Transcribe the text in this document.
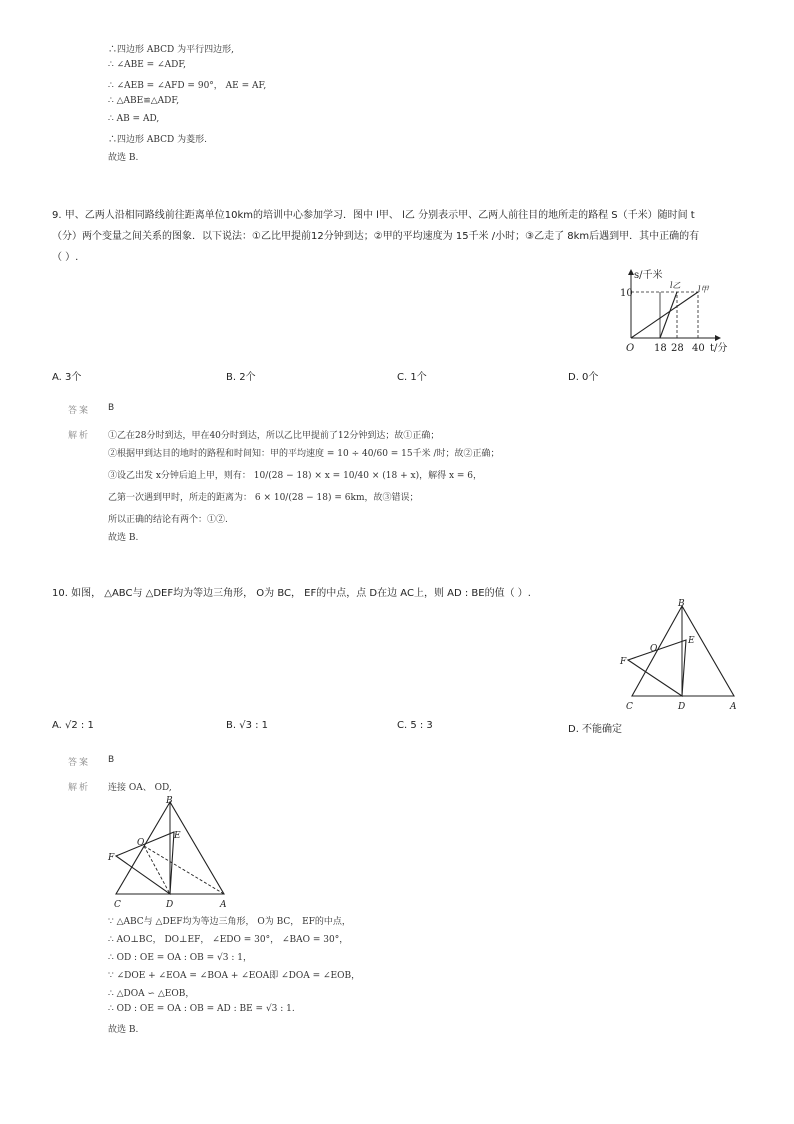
∴四边形 ABCD 为平行四边形,
∴ ∠ABE = ∠ADF,
∴ ∠AEB = ∠AFD = 90°， AE = AF,
∴ △ABE≌△ADF,
∴ AB = AD,
∴四边形 ABCD 为菱形.
故选 B.
9. 甲、乙两人沿相同路线前往距离单位10km的培训中心参加学习．图中 l甲、 l乙 分别表示甲、乙两人前往目的地所走的路程 S（千米）随时间 t
（分）两个变量之间关系的图象．以下说法：①乙比甲提前12分钟到达；②甲的平均速度为 15千米 /小时；③乙走了 8km后遇到甲．其中正确的有
（ ）.
s/千米
10
O 18 28 40 t/分
l乙 l甲
A. 3个	B. 2个	C. 1个	D. 0个
答案 B
解析 ①乙在28分时到达，甲在40分时到达，所以乙比甲提前了12分钟到达；故①正确；
②根据甲到达目的地时的路程和时间知：甲的平均速度 = 10 ÷ 40/60 = 15千米 /时；故②正确；
③设乙出发 x分钟后追上甲，则有： 10/(28 − 18) × x = 10/40 × (18 + x)，解得 x = 6，
乙第一次遇到甲时，所走的距离为： 6 × 10/(28 − 18) = 6km，故③错误；
所以正确的结论有两个：①②.
故选 B.
10. 如图， △ABC与 △DEF均为等边三角形， O为 BC， EF的中点，点 D在边 AC上，则 AD : BE的值（ ）.
B
E
O
F
C	D	A
A. √2 : 1	B. √3 : 1	C. 5 : 3	D. 不能确定
答案 B
解析 连接 OA、 OD,
B
E
O
F
C	D	A
∵ △ABC与 △DEF均为等边三角形， O为 BC， EF的中点，
∴ AO⊥BC， DO⊥EF， ∠EDO = 30°， ∠BAO = 30°，
∴ OD : OE = OA : OB = √3 : 1，
∵ ∠DOE + ∠EOA = ∠BOA + ∠EOA即 ∠DOA = ∠EOB，
∴ △DOA ∽ △EOB，
∴ OD : OE = OA : OB = AD : BE = √3 : 1.
故选 B.
